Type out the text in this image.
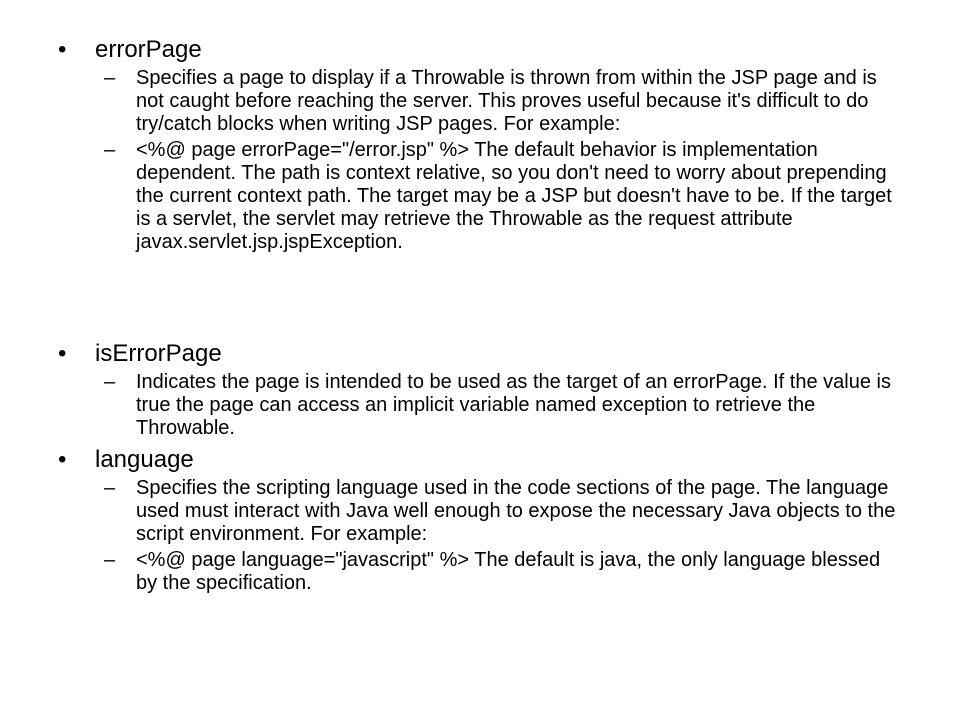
• errorPage
– Specifies a page to display if a Throwable is thrown from within the JSP page and is not caught before reaching the server. This proves useful because it's difficult to do try/catch blocks when writing JSP pages. For example:
– <%@ page errorPage="/error.jsp" %> The default behavior is implementation dependent. The path is context relative, so you don't need to worry about prepending the current context path. The target may be a JSP but doesn't have to be. If the target is a servlet, the servlet may retrieve the Throwable as the request attribute javax.servlet.jsp.jspException.
• isErrorPage
– Indicates the page is intended to be used as the target of an errorPage. If the value is true the page can access an implicit variable named exception to retrieve the Throwable.
• language
– Specifies the scripting language used in the code sections of the page. The language used must interact with Java well enough to expose the necessary Java objects to the script environment. For example:
– <%@ page language="javascript" %> The default is java, the only language blessed by the specification.
